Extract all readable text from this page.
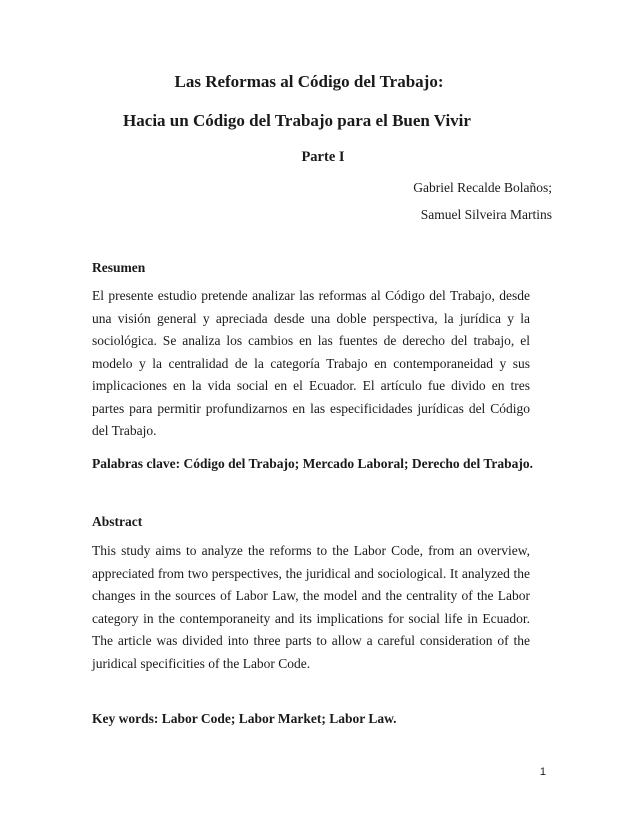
Las Reformas al Código del Trabajo:
Hacia un Código del Trabajo para el Buen Vivir
Parte I
Gabriel Recalde Bolaños;
Samuel Silveira Martins
Resumen

El presente estudio pretende analizar las reformas al Código del Trabajo, desde una visión general y apreciada desde una doble perspectiva, la jurídica y la sociológica. Se analiza los cambios en las fuentes de derecho del trabajo, el modelo y la centralidad de la categoría Trabajo en contemporaneidad y sus implicaciones en la vida social en el Ecuador. El artículo fue divido en tres partes para permitir profundizarnos en las especificidades jurídicas del Código del Trabajo.

Palabras clave: Código del Trabajo; Mercado Laboral; Derecho del Trabajo.
Abstract

This study aims to analyze the reforms to the Labor Code, from an overview, appreciated from two perspectives, the juridical and sociological. It analyzed the changes in the sources of Labor Law, the model and the centrality of the Labor category in the contemporaneity and its implications for social life in Ecuador. The article was divided into three parts to allow a careful consideration of the juridical specificities of the Labor Code.

Key words: Labor Code; Labor Market; Labor Law.
1
